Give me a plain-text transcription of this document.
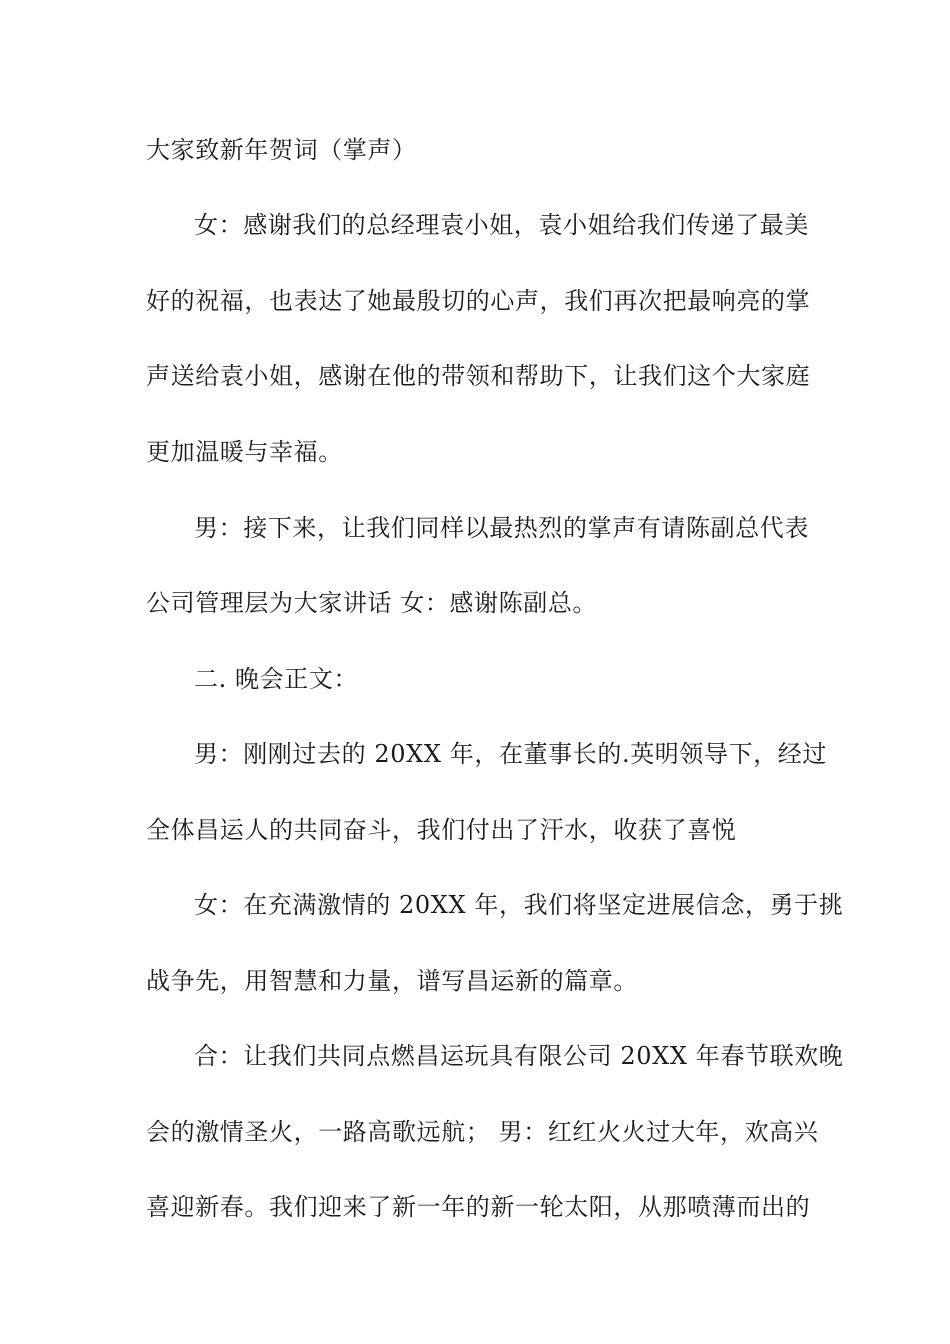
大家致新年贺词（掌声）
女：感谢我们的总经理袁小姐，袁小姐给我们传递了最美
好的祝福，也表达了她最殷切的心声，我们再次把最响亮的掌
声送给袁小姐，感谢在他的带领和帮助下，让我们这个大家庭
更加温暖与幸福。
男：接下来，让我们同样以最热烈的掌声有请陈副总代表
公司管理层为大家讲话 女：感谢陈副总。
二. 晚会正文：
男：刚刚过去的 20XX 年，在董事长的.英明领导下，经过
全体昌运人的共同奋斗，我们付出了汗水，收获了喜悦
女：在充满激情的 20XX 年，我们将坚定进展信念，勇于挑
战争先，用智慧和力量，谱写昌运新的篇章。
合：让我们共同点燃昌运玩具有限公司 20XX 年春节联欢晚
会的激情圣火，一路高歌远航； 男：红红火火过大年，欢高兴
喜迎新春。我们迎来了新一年的新一轮太阳，从那喷薄而出的
